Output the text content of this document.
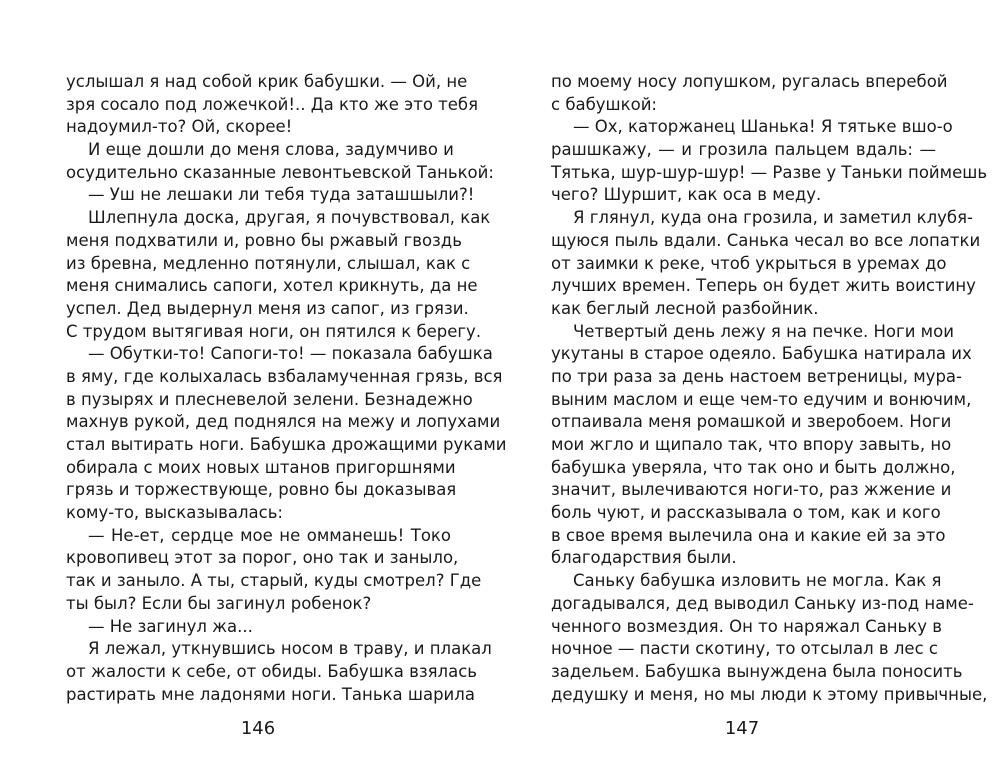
услышал я над собой крик бабушки. — Ой, не
зря сосало под ложечкой!.. Да кто же это тебя
надоумил-то? Ой, скорее!
И еще дошли до меня слова, задумчиво и
осудительно сказанные левонтьевской Танькой:
— Уш не лешаки ли тебя туда заташшыли?!
Шлепнула доска, другая, я почувствовал, как
меня подхватили и, ровно бы ржавый гвоздь
из бревна, медленно потянули, слышал, как с
меня снимались сапоги, хотел крикнуть, да не
успел. Дед выдернул меня из сапог, из грязи.
С трудом вытягивая ноги, он пятился к берегу.
— Обутки-то! Сапоги-то! — показала бабушка
в яму, где колыхалась взбаламученная грязь, вся
в пузырях и плесневелой зелени. Безнадежно
махнув рукой, дед поднялся на межу и лопухами
стал вытирать ноги. Бабушка дрожащими руками
обирала с моих новых штанов пригоршнями
грязь и торжествующе, ровно бы доказывая
кому-то, высказывалась:
— Не-ет, сердце мое не омманешь! Токо
кровопивец этот за порог, оно так и заныло,
так и заныло. А ты, старый, куды смотрел? Где
ты был? Если бы загинул робенок?
— Не загинул жа...
Я лежал, уткнувшись носом в траву, и плакал
от жалости к себе, от обиды. Бабушка взялась
растирать мне ладонями ноги. Танька шарила
146
по моему носу лопушком, ругалась вперебой
с бабушкой:
— Ох, каторжанец Шанька! Я тятьке вшо-о
рашшкажу, — и грозила пальцем вдаль: —
Тятька, шур-шур-шур! — Разве у Таньки поймешь
чего? Шуршит, как оса в меду.
Я глянул, куда она грозила, и заметил клубя-
щуюся пыль вдали. Санька чесал во все лопатки
от заимки к реке, чтоб укрыться в уремах до
лучших времен. Теперь он будет жить воистину
как беглый лесной разбойник.
Четвертый день лежу я на печке. Ноги мои
укутаны в старое одеяло. Бабушка натирала их
по три раза за день настоем ветреницы, мура-
выним маслом и еще чем-то едучим и вонючим,
отпаивала меня ромашкой и зверобоем. Ноги
мои жгло и щипало так, что впору завыть, но
бабушка уверяла, что так оно и быть должно,
значит, вылечиваются ноги-то, раз жжение и
боль чуют, и рассказывала о том, как и кого
в свое время вылечила она и какие ей за это
благодарствия были.
Саньку бабушка изловить не могла. Как я
догадывался, дед выводил Саньку из-под наме-
ченного возмездия. Он то наряжал Саньку в
ночное — пасти скотину, то отсылал в лес с
задельем. Бабушка вынуждена была поносить
дедушку и меня, но мы люди к этому привычные,
147
